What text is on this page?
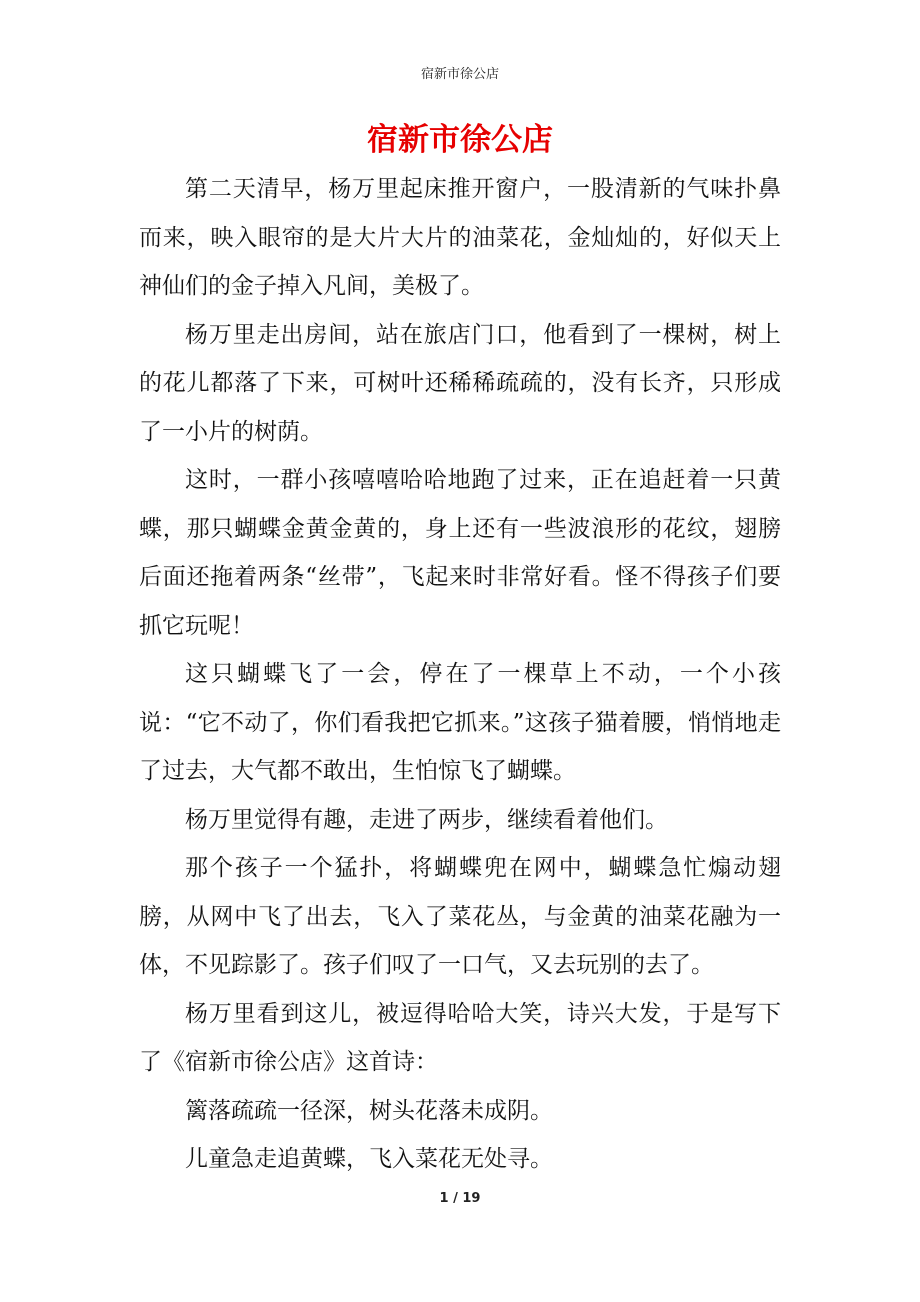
宿新市徐公店
宿新市徐公店

第二天清早，杨万里起床推开窗户，一股清新的气味扑鼻而来，映入眼帘的是大片大片的油菜花，金灿灿的，好似天上神仙们的金子掉入凡间，美极了。

杨万里走出房间，站在旅店门口，他看到了一棵树，树上的花儿都落了下来，可树叶还稀稀疏疏的，没有长齐，只形成了一小片的树荫。

这时，一群小孩嘻嘻哈哈地跑了过来，正在追赶着一只黄蝶，那只蝴蝶金黄金黄的，身上还有一些波浪形的花纹，翅膀后面还拖着两条“丝带”，飞起来时非常好看。怪不得孩子们要抓它玩呢！

这只蝴蝶飞了一会，停在了一棵草上不动，一个小孩说：“它不动了，你们看我把它抓来。”这孩子猫着腰，悄悄地走了过去，大气都不敢出，生怕惊飞了蝴蝶。

杨万里觉得有趣，走进了两步，继续看着他们。

那个孩子一个猛扑，将蝴蝶兜在网中，蝴蝶急忙煽动翅膀，从网中飞了出去，飞入了菜花丛，与金黄的油菜花融为一体，不见踪影了。孩子们叹了一口气，又去玩别的去了。

杨万里看到这儿，被逗得哈哈大笑，诗兴大发，于是写下了《宿新市徐公店》这首诗：

篱落疏疏一径深，树头花落未成阴。

儿童急走追黄蝶，飞入菜花无处寻。

1 / 19
